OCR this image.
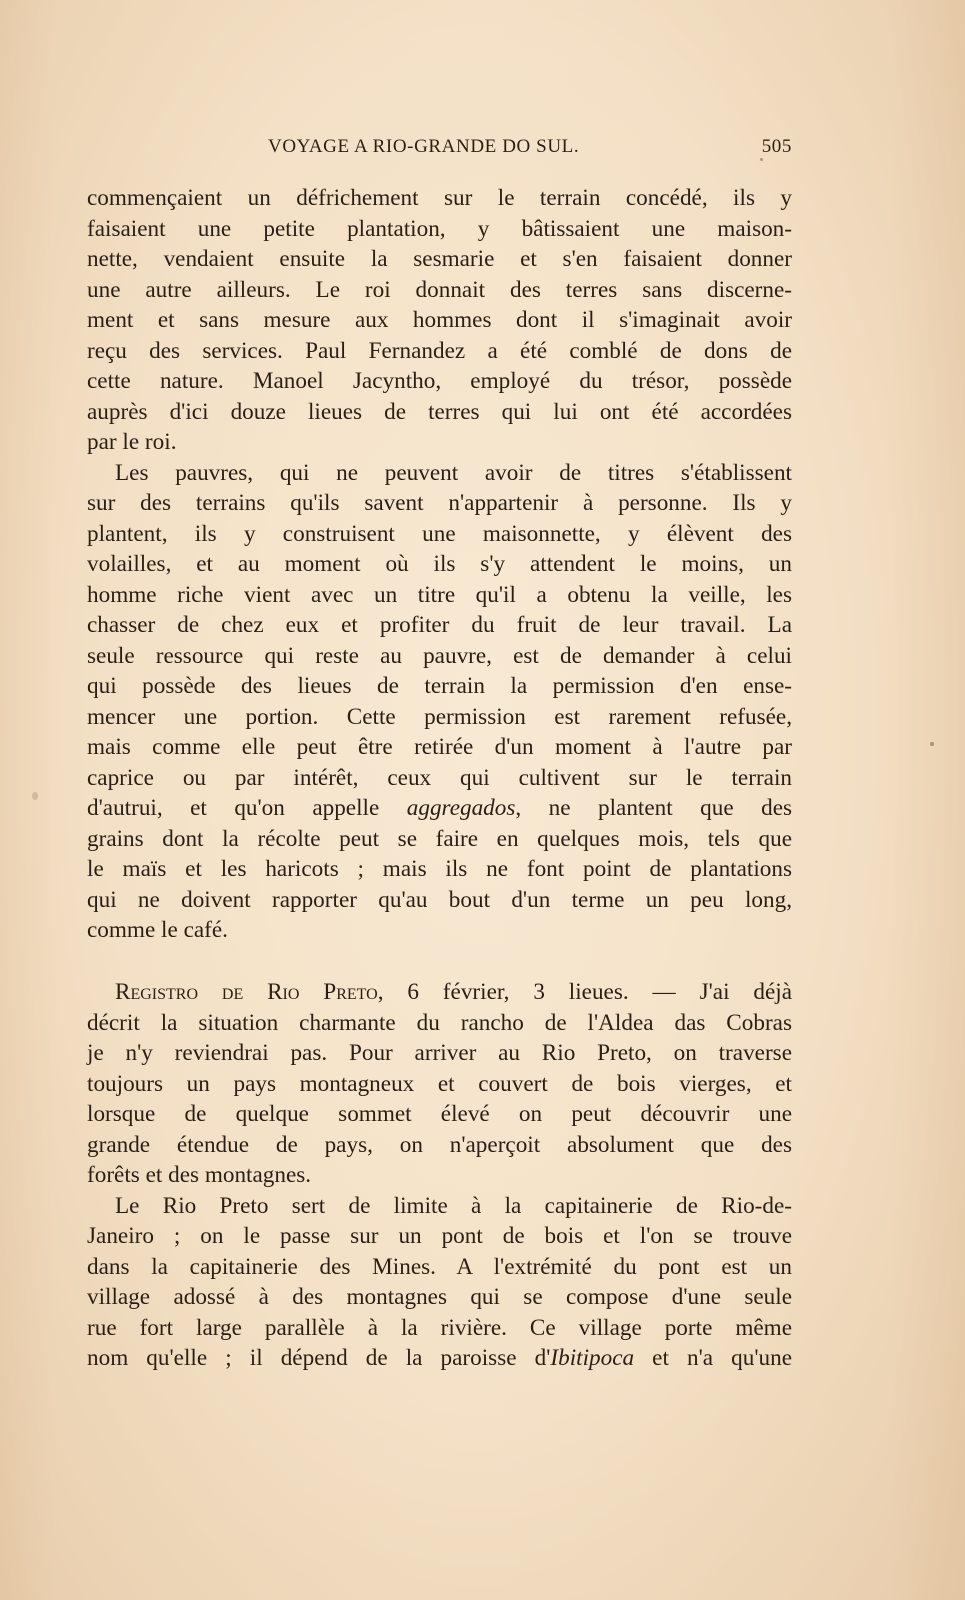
VOYAGE A RIO-GRANDE DO SUL.	505
commençaient un défrichement sur le terrain concédé, ils y
faisaient une petite plantation, y bâtissaient une maison-
nette, vendaient ensuite la sesmarie et s'en faisaient donner
une autre ailleurs. Le roi donnait des terres sans discerne-
ment et sans mesure aux hommes dont il s'imaginait avoir
reçu des services. Paul Fernandez a été comblé de dons de
cette nature. Manoel Jacyntho, employé du trésor, possède
auprès d'ici douze lieues de terres qui lui ont été accordées
par le roi.
Les pauvres, qui ne peuvent avoir de titres s'établissent
sur des terrains qu'ils savent n'appartenir à personne. Ils y
plantent, ils y construisent une maisonnette, y élèvent des
volailles, et au moment où ils s'y attendent le moins, un
homme riche vient avec un titre qu'il a obtenu la veille, les
chasser de chez eux et profiter du fruit de leur travail. La
seule ressource qui reste au pauvre, est de demander à celui
qui possède des lieues de terrain la permission d'en ense-
mencer une portion. Cette permission est rarement refusée,
mais comme elle peut être retirée d'un moment à l'autre par
caprice ou par intérêt, ceux qui cultivent sur le terrain
d'autrui, et qu'on appelle aggregados, ne plantent que des
grains dont la récolte peut se faire en quelques mois, tels que
le maïs et les haricots ; mais ils ne font point de plantations
qui ne doivent rapporter qu'au bout d'un terme un peu long,
comme le café.
Registro de Rio Preto, 6 février, 3 lieues. — J'ai déjà
décrit la situation charmante du rancho de l'Aldea das Cobras
je n'y reviendrai pas. Pour arriver au Rio Preto, on traverse
toujours un pays montagneux et couvert de bois vierges, et
lorsque de quelque sommet élevé on peut découvrir une
grande étendue de pays, on n'aperçoit absolument que des
forêts et des montagnes.
Le Rio Preto sert de limite à la capitainerie de Rio-de-
Janeiro ; on le passe sur un pont de bois et l'on se trouve
dans la capitainerie des Mines. A l'extrémité du pont est un
village adossé à des montagnes qui se compose d'une seule
rue fort large parallèle à la rivière. Ce village porte même
nom qu'elle ; il dépend de la paroisse d'Ibitipoca et n'a qu'une
